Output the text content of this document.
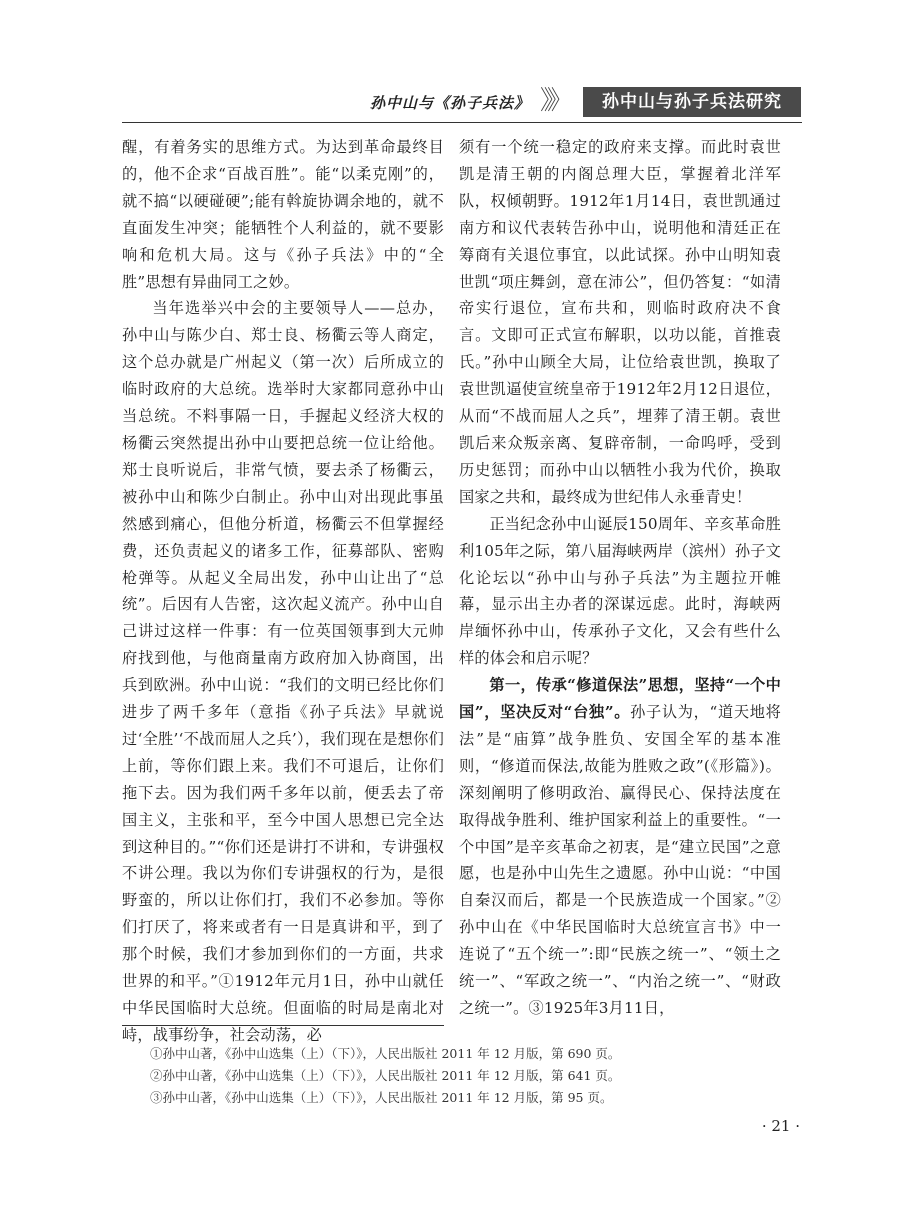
孙中山与《孙子兵法》 》》	孙中山与孙子兵法研究

醒，有着务实的思维方式。为达到革命最终目的，他不企求“百战百胜”。能“以柔克刚”的，就不搞“以硬碰硬”;能有斡旋协调余地的，就不直面发生冲突；能牺牲个人利益的，就不要影响和危机大局。这与《孙子兵法》中的“全胜”思想有异曲同工之妙。

当年选举兴中会的主要领导人——总办，孙中山与陈少白、郑士良、杨衢云等人商定，这个总办就是广州起义（第一次）后所成立的临时政府的大总统。选举时大家都同意孙中山当总统。不料事隔一日，手握起义经济大权的杨衢云突然提出孙中山要把总统一位让给他。郑士良听说后，非常气愤，要去杀了杨衢云，被孙中山和陈少白制止。孙中山对出现此事虽然感到痛心，但他分析道，杨衢云不但掌握经费，还负责起义的诸多工作，征募部队、密购枪弹等。从起义全局出发，孙中山让出了“总统”。后因有人告密，这次起义流产。孙中山自己讲过这样一件事：有一位英国领事到大元帅府找到他，与他商量南方政府加入协商国，出兵到欧洲。孙中山说：“我们的文明已经比你们进步了两千多年（意指《孙子兵法》早就说过‘全胜’‘不战而屈人之兵’），我们现在是想你们上前，等你们跟上来。我们不可退后，让你们拖下去。因为我们两千多年以前，便丢去了帝国主义，主张和平，至今中国人思想已完全达到这种目的。”“你们还是讲打不讲和，专讲强权不讲公理。我以为你们专讲强权的行为，是很野蛮的，所以让你们打，我们不必参加。等你们打厌了，将来或者有一日是真讲和平，到了那个时候，我们才参加到你们的一方面，共求世界的和平。”①1912年元月1日，孙中山就任中华民国临时大总统。但面临的时局是南北对峙，战事纷争，社会动荡，必

须有一个统一稳定的政府来支撑。而此时袁世凯是清王朝的内阁总理大臣，掌握着北洋军队，权倾朝野。1912年1月14日，袁世凯通过南方和议代表转告孙中山，说明他和清廷正在筹商有关退位事宜，以此试探。孙中山明知袁世凯“项庄舞剑，意在沛公”，但仍答复：“如清帝实行退位，宣布共和，则临时政府决不食言。文即可正式宣布解职，以功以能，首推袁氏。”孙中山顾全大局，让位给袁世凯，换取了袁世凯逼使宣统皇帝于1912年2月12日退位，从而“不战而屈人之兵”，埋葬了清王朝。袁世凯后来众叛亲离、复辟帝制，一命呜呼，受到历史惩罚；而孙中山以牺牲小我为代价，换取国家之共和，最终成为世纪伟人永垂青史！

正当纪念孙中山诞辰150周年、辛亥革命胜利105年之际，第八届海峡两岸（滨州）孙子文化论坛以“孙中山与孙子兵法”为主题拉开帷幕，显示出主办者的深谋远虑。此时，海峡两岸缅怀孙中山，传承孙子文化，又会有些什么样的体会和启示呢？

第一，传承“修道保法”思想，坚持“一个中国”，坚决反对“台独”。孙子认为，“道天地将法”是“庙算”战争胜负、安国全军的基本准则，“修道而保法,故能为胜败之政”(《形篇》)。深刻阐明了修明政治、赢得民心、保持法度在取得战争胜利、维护国家利益上的重要性。“一个中国”是辛亥革命之初衷，是“建立民国”之意愿，也是孙中山先生之遗愿。孙中山说：“中国自秦汉而后，都是一个民族造成一个国家。”②孙中山在《中华民国临时大总统宣言书》中一连说了“五个统一”:即“民族之统一”、“领土之统一”、“军政之统一”、“内治之统一”、“财政之统一”。③1925年3月11日，

①孙中山著，《孙中山选集（上）（下）》，人民出版社 2011 年 12 月版，第 690 页。
②孙中山著，《孙中山选集（上）（下）》，人民出版社 2011 年 12 月版，第 641 页。
③孙中山著，《孙中山选集（上）（下）》，人民出版社 2011 年 12 月版，第 95 页。
· 21 ·
